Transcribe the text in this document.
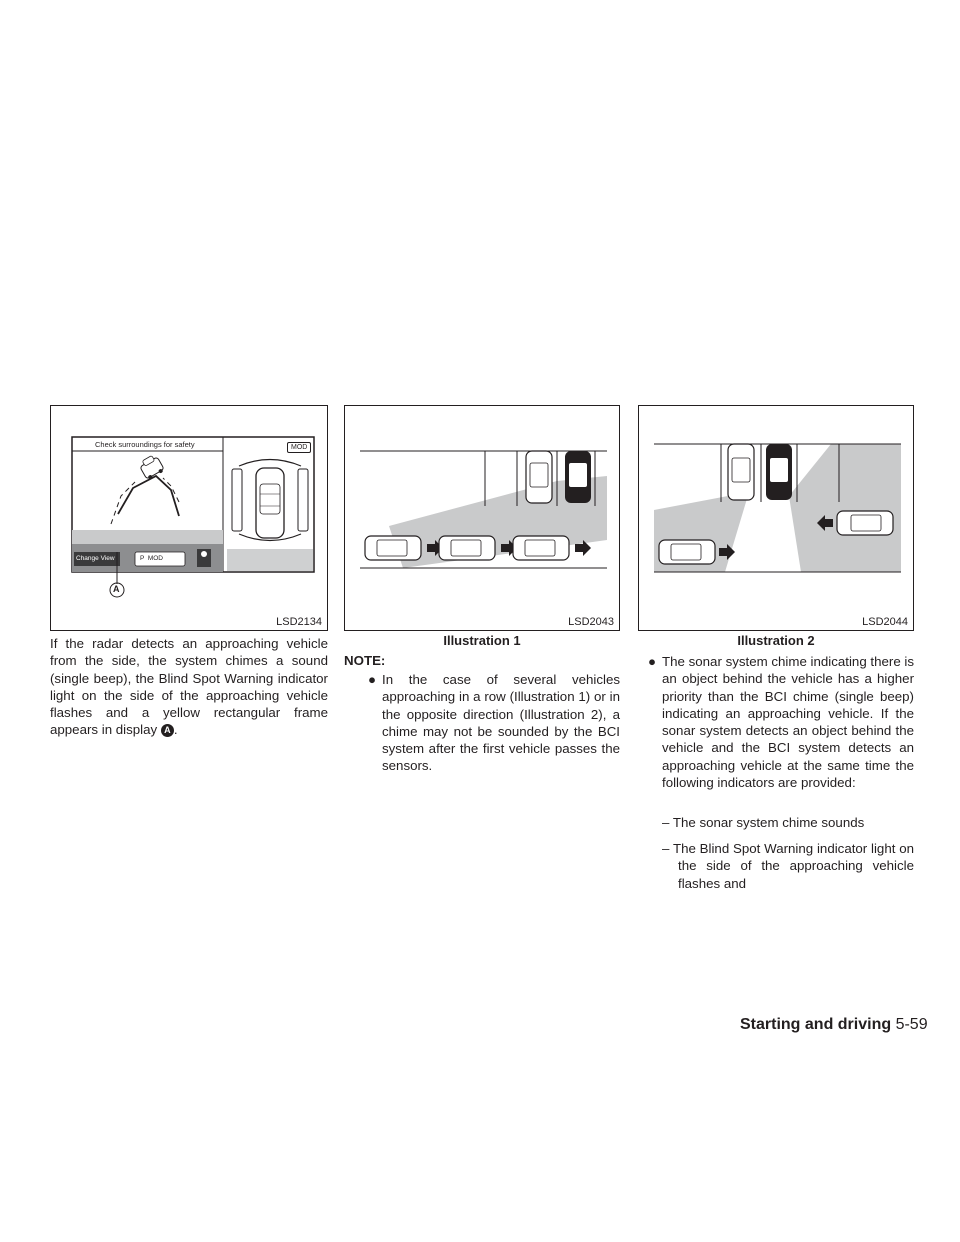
Check surroundings for safety	MOD
Change View	P  MOD
A
LSD2134	LSD2043
Illustration 1
LSD2044
Illustration 2
If the radar detects an approaching vehicle from the side, the system chimes a sound (single beep), the Blind Spot Warning indicator light on the side of the approaching vehicle flashes and a yellow rectangular frame appears in display A .
NOTE:
● In the case of several vehicles approaching in a row (Illustration 1) or in the opposite direction (Illustration 2), a chime may not be sounded by the BCI system after the first vehicle passes the sensors.
● The sonar system chime indicating there is an object behind the vehicle has a higher priority than the BCI chime (single beep) indicating an approaching vehicle. If the sonar system detects an object behind the vehicle and the BCI system detects an approaching vehicle at the same time the following indicators are provided:
– The sonar system chime sounds
– The Blind Spot Warning indicator light on the side of the approaching vehicle flashes and
Starting and driving 5-59
